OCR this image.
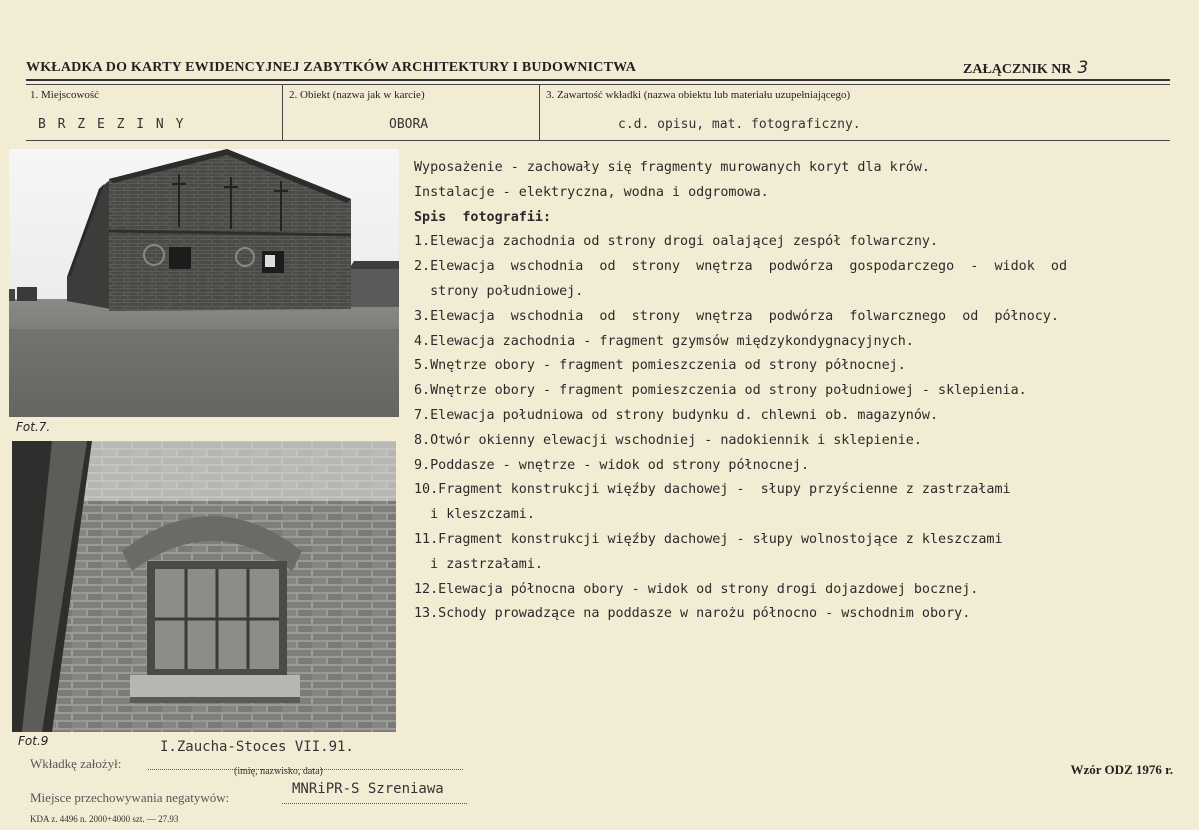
WKŁADKA DO KARTY EWIDENCYJNEJ ZABYTKÓW ARCHITEKTURY I BUDOWNICTWA	ZAŁĄCZNIK NR 3
1. Miejscowość	2. Obiekt (nazwa jak w karcie)	3. Zawartość wkładki (nazwa obiektu lub materiału uzupełniającego)
B R Z E Z I N Y	OBORA	c.d. opisu, mat. fotograficzny.
Fot.7.
Fot.9
Wyposażenie - zachowały się fragmenty murowanych koryt dla krów.
Instalacje - elektryczna, wodna i odgromowa.
Spis  fotografii:
1.Elewacja zachodnia od strony drogi oalającej zespół folwarczny.
2.Elewacja  wschodnia  od  strony  wnętrza  podwórza  gospodarczego  -  widok  od
strony południowej.
3.Elewacja  wschodnia  od  strony  wnętrza  podwórza  folwarcznego  od  północy.
4.Elewacja zachodnia - fragment gzymsów międzykondygnacyjnych.
5.Wnętrze obory - fragment pomieszczenia od strony północnej.
6.Wnętrze obory - fragment pomieszczenia od strony południowej - sklepienia.
7.Elewacja południowa od strony budynku d. chlewni ob. magazynów.
8.Otwór okienny elewacji wschodniej - nadokiennik i sklepienie.
9.Poddasze - wnętrze - widok od strony północnej.
10.Fragment konstrukcji więźby dachowej -  słupy przyścienne z zastrzałami
i kleszczami.
11.Fragment konstrukcji więźby dachowej - słupy wolnostojące z kleszczami
i zastrzałami.
12.Elewacja północna obory - widok od strony drogi dojazdowej bocznej.
13.Schody prowadzące na poddasze w narożu północno - wschodnim obory.
I.Zaucha-Stoces VII.91.
Wkładkę założył:
(imię, nazwisko, data)
MNRiPR-S Szreniawa
Miejsce przechowywania negatywów:
KDA z. 4496 n. 2000+4000 szt. — 27.93
Wzór ODZ 1976 r.
